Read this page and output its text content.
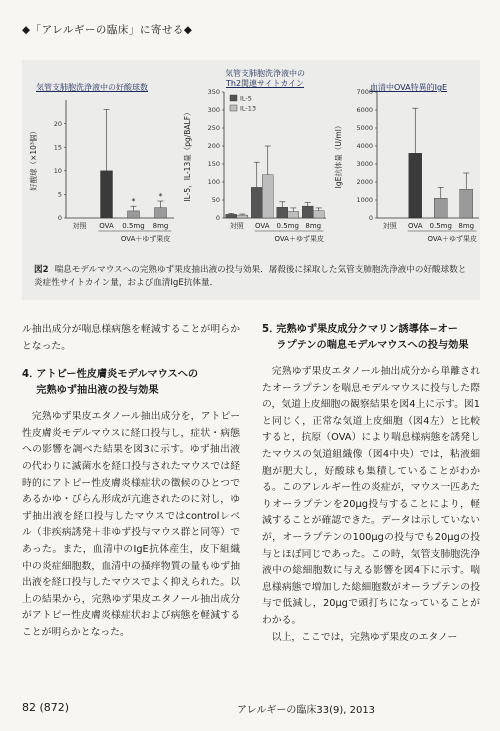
◆「アレルギーの臨床」に寄せる◆
気管支肺胞洗浄液中の好酸球数
気管支肺胞洗浄液中の
Th2関連サイトカイン	血清中OVA特異的IgE
0
5
10
15
20
好酸球（×10³個）
*
*
対照 OVA 0.5mg 8mg
OVA＋ゆず果皮
0
50
100
150
200
250
300
350
IL-5，IL-13量（pg/BALF）
IL-5
IL-13
対照 OVA 0.5mg 8mg
OVA＋ゆず果皮
0
1000
2000
3000
4000
5000
6000
7000
IgE抗体量（U/ml）
対照 OVA 0.5mg 8mg
OVA＋ゆず果皮
図2 喘息モデルマウスへの完熟ゆず果皮抽出液の投与効果．屠殺後に採取した気管支肺胞洗浄液中の好酸球数と炎症性サイトカイン量，および血清IgE抗体量．

ル抽出成分が喘息様病態を軽減することが明らかとなった。

4．アトピー性皮膚炎モデルマウスへの
完熟ゆず抽出液の投与効果

完熟ゆず果皮エタノール抽出成分を，アトピー性皮膚炎モデルマウスに経口投与し，症状・病態への影響を調べた結果を図3に示す。ゆず抽出液の代わりに滅菌水を経口投与されたマウスでは経時的にアトピー性皮膚炎様症状の徴候のひとつであるかゆ・びらん形成が亢進されたのに対し，ゆず抽出液を経口投与したマウスではcontrolレベル（非疾病誘発＋非ゆず投与マウス群と同等）であった。また，血清中のIgE抗体産生，皮下組織中の炎症細胞数，血清中の掻痒物質の量もゆず抽出液を経口投与したマウスでよく抑えられた。以上の結果から，完熟ゆず果皮エタノール抽出成分がアトピー性皮膚炎様症状および病態を軽減することが明らかとなった。

5．完熟ゆず果皮成分クマリン誘導体−オー
ラプテンの喘息モデルマウスへの投与効果

完熟ゆず果皮エタノール抽出成分から単離されたオーラプテンを喘息モデルマウスに投与した際の，気道上皮細胞の観察結果を図4上に示す。図1と同じく，正常な気道上皮細胞（図4左）と比較すると，抗原（OVA）により喘息様病態を誘発したマウスの気道組織像（図4中央）では，粘液細胞が肥大し，好酸球も集積していることがわかる。このアレルギー性の炎症が，マウス一匹あたりオーラプテンを20μg投与することにより，軽減することが確認できた。データは示していないが，オーラプテンの100μgの投与でも20μgの投与とほぼ同じであった。この時，気管支肺胞洗浄液中の総細胞数に与える影響を図4下に示す。喘息様病態で増加した総細胞数がオーラプテンの投与で低減し，20μgで頭打ちになっていることがわかる。

以上，ここでは，完熟ゆず果皮のエタノー

82 (872)	アレルギーの臨床33(9), 2013
